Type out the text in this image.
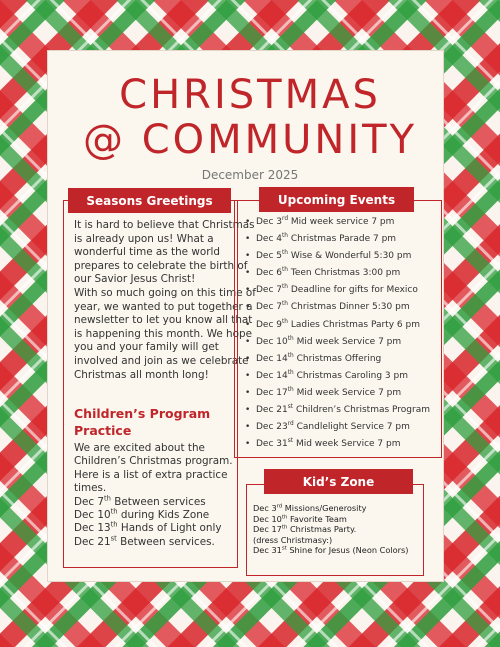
CHRISTMAS
@ COMMUNITY
December 2025
Seasons Greetings

It is hard to believe that Christmas is already upon us! What a wonderful time as the world prepares to celebrate the birth of our Savior Jesus Christ!

With so much going on this time of year, we wanted to put together a newsletter to let you know all that is happening this month. We hope you and your family will get involved and join as we celebrate Christmas all month long!

Children’s Program Practice
We are excited about the Children’s Christmas program. Here is a list of extra practice times.
Dec 7th Between services
Dec 10th during Kids Zone
Dec 13th Hands of Light only
Dec 21st Between services.
Upcoming Events
• Dec 3rd Mid week service 7 pm
• Dec 4th Christmas Parade 7 pm
• Dec 5th Wise & Wonderful 5:30 pm
• Dec 6th Teen Christmas 3:00 pm
• Dec 7th Deadline for gifts for Mexico
• Dec 7th Christmas Dinner 5:30 pm
• Dec 9th Ladies Christmas Party 6 pm
• Dec 10th Mid week Service 7 pm
• Dec 14th Christmas Offering
• Dec 14th Christmas Caroling 3 pm
• Dec 17th Mid week Service 7 pm
• Dec 21st Children’s Christmas Program
• Dec 23rd Candlelight Service 7 pm
• Dec 31st Mid week Service 7 pm
Kid’s Zone
Dec 3rd Missions/Generosity
Dec 10th Favorite Team
Dec 17th Christmas Party.
(dress Christmasy:)
Dec 31st Shine for Jesus (Neon Colors)
